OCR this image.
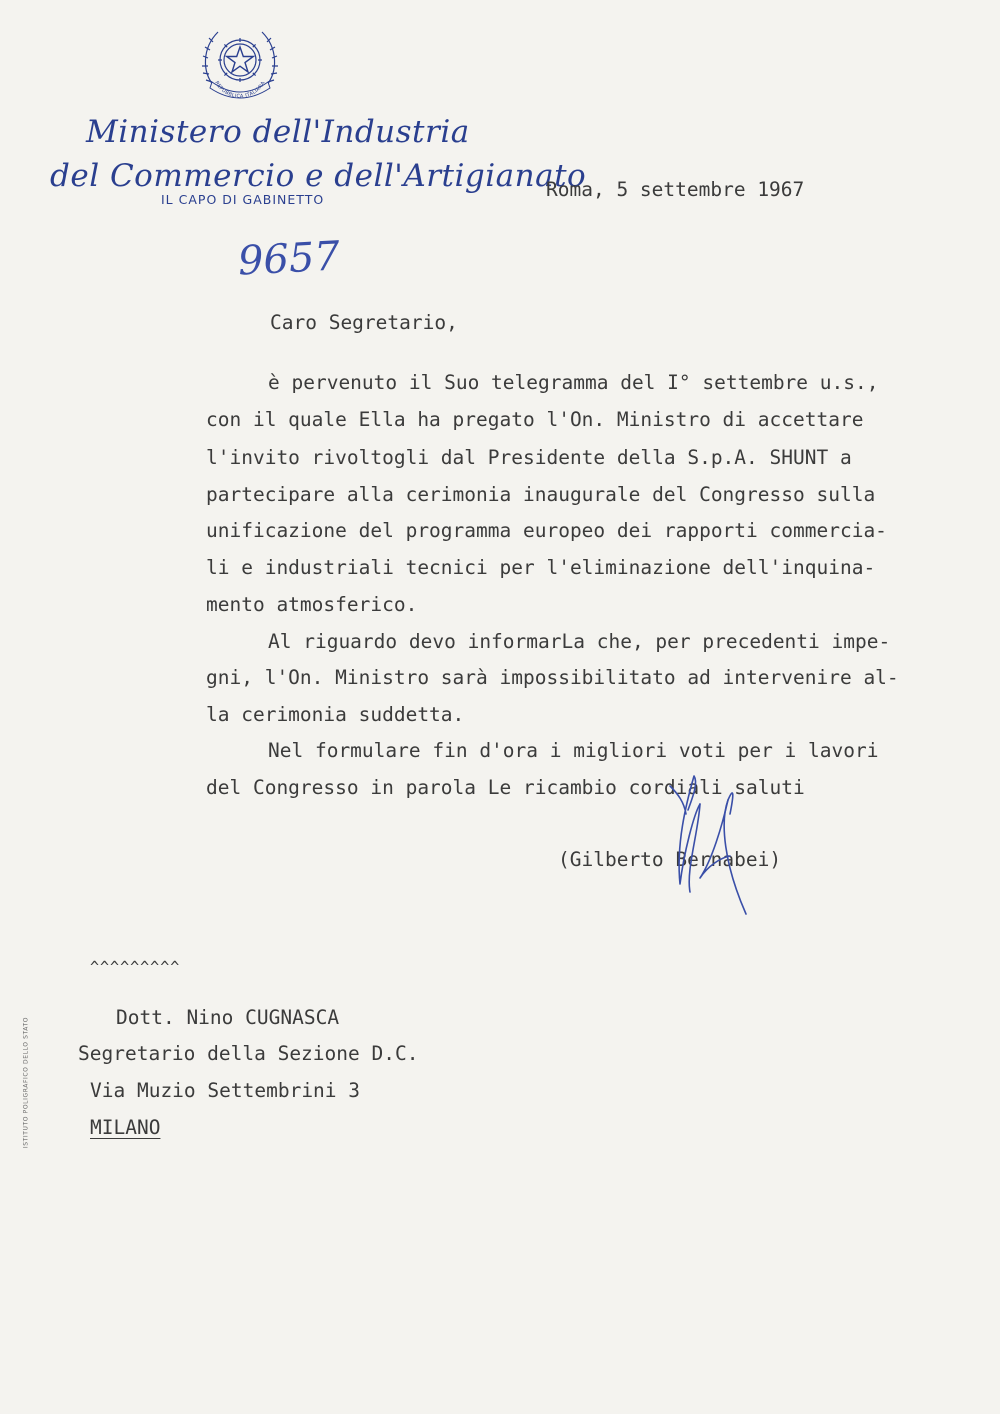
REPUBBLICA ITALIANA
Ministero dell'Industria
del Commercio e dell'Artigianato
IL CAPO DI GABINETTO	Roma, 5 settembre 1967
9657
Caro Segretario,
è pervenuto il Suo telegramma del I° settembre u.s.,
con il quale Ella ha pregato l'On. Ministro di accettare
l'invito rivoltogli dal Presidente della S.p.A. SHUNT a
partecipare alla cerimonia inaugurale del Congresso sulla
unificazione del programma europeo dei rapporti commercia-
li e industriali tecnici per l'eliminazione dell'inquina-
mento atmosferico.
Al riguardo devo informarLa che, per precedenti impe-
gni, l'On. Ministro sarà impossibilitato ad intervenire al-
la cerimonia suddetta.
Nel formulare fin d'ora i migliori voti per i lavori
del Congresso in parola Le ricambio cordiali saluti
(Gilberto Bernabei)
^^^^^^^^^
Dott. Nino CUGNASCA
Segretario della Sezione D.C.
Via Muzio Settembrini 3
MILANO
ISTITUTO POLIGRAFICO DELLO STATO
